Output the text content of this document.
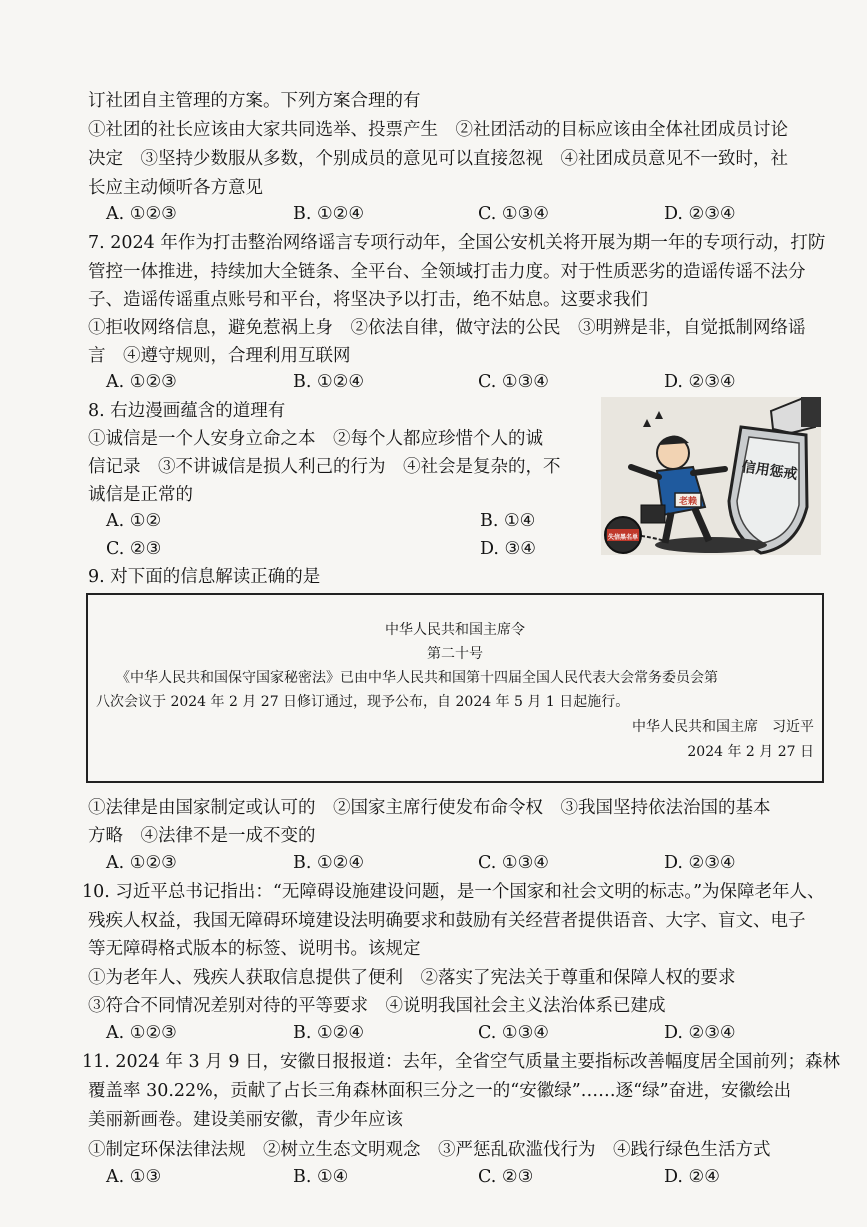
订社团自主管理的方案。下列方案合理的有
①社团的社长应该由大家共同选举、投票产生　②社团活动的目标应该由全体社团成员讨论
决定　③坚持少数服从多数，个别成员的意见可以直接忽视　④社团成员意见不一致时，社
长应主动倾听各方意见
A. ①②③	B. ①②④	C. ①③④	D. ②③④
7. 2024 年作为打击整治网络谣言专项行动年，全国公安机关将开展为期一年的专项行动，打防
管控一体推进，持续加大全链条、全平台、全领域打击力度。对于性质恶劣的造谣传谣不法分
子、造谣传谣重点账号和平台，将坚决予以打击，绝不姑息。这要求我们
①拒收网络信息，避免惹祸上身　②依法自律，做守法的公民　③明辨是非，自觉抵制网络谣
言　④遵守规则，合理利用互联网
A. ①②③	B. ①②④	C. ①③④	D. ②③④
8. 右边漫画蕴含的道理有
①诚信是一个人安身立命之本　②每个人都应珍惜个人的诚
信记录　③不讲诚信是损人利己的行为　④社会是复杂的，不
诚信是正常的
A. ①②	B. ①④
C. ②③	D. ③④
信用惩戒
老赖
失信黑名单
9. 对下面的信息解读正确的是
中华人民共和国主席令
第二十号
《中华人民共和国保守国家秘密法》已由中华人民共和国第十四届全国人民代表大会常务委员会第
八次会议于 2024 年 2 月 27 日修订通过，现予公布，自 2024 年 5 月 1 日起施行。
中华人民共和国主席　习近平
2024 年 2 月 27 日
①法律是由国家制定或认可的　②国家主席行使发布命令权　③我国坚持依法治国的基本
方略　④法律不是一成不变的
A. ①②③	B. ①②④	C. ①③④	D. ②③④
10. 习近平总书记指出：“无障碍设施建设问题，是一个国家和社会文明的标志。”为保障老年人、
残疾人权益，我国无障碍环境建设法明确要求和鼓励有关经营者提供语音、大字、盲文、电子
等无障碍格式版本的标签、说明书。该规定
①为老年人、残疾人获取信息提供了便利　②落实了宪法关于尊重和保障人权的要求
③符合不同情况差别对待的平等要求　④说明我国社会主义法治体系已建成
A. ①②③	B. ①②④	C. ①③④	D. ②③④
11. 2024 年 3 月 9 日，安徽日报报道：去年，全省空气质量主要指标改善幅度居全国前列；森林
覆盖率 30.22%，贡献了占长三角森林面积三分之一的“安徽绿”……逐“绿”奋进，安徽绘出
美丽新画卷。建设美丽安徽，青少年应该
①制定环保法律法规　②树立生态文明观念　③严惩乱砍滥伐行为　④践行绿色生活方式
A. ①③	B. ①④	C. ②③	D. ②④
